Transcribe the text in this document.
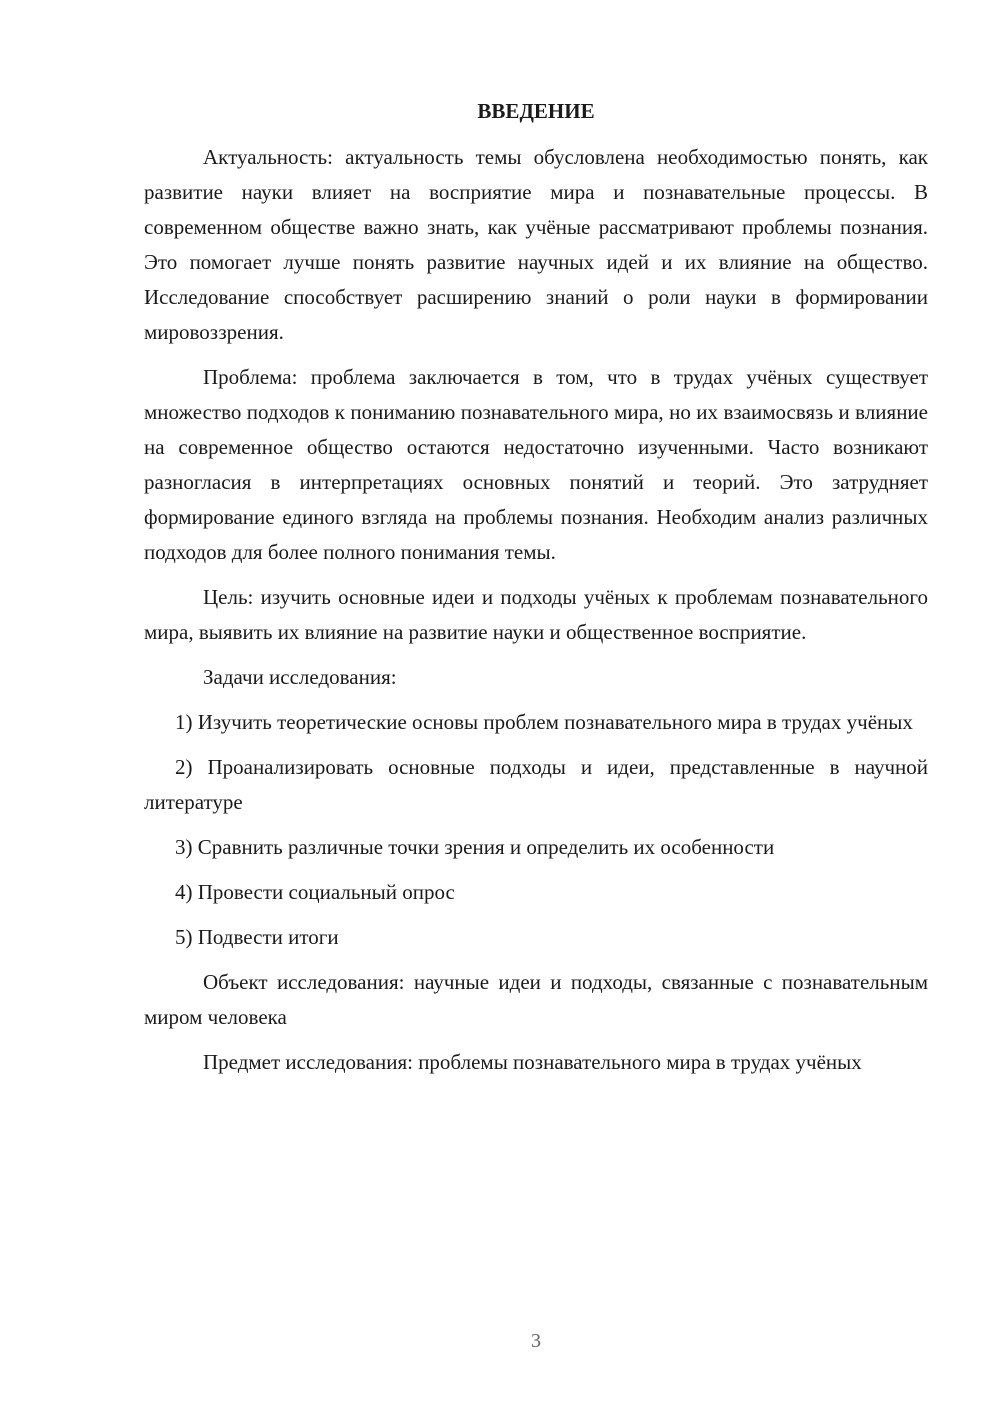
ВВЕДЕНИЕ

Актуальность: актуальность темы обусловлена необходимостью понять, как развитие науки влияет на восприятие мира и познавательные процессы. В современном обществе важно знать, как учёные рассматривают проблемы познания. Это помогает лучше понять развитие научных идей и их влияние на общество. Исследование способствует расширению знаний о роли науки в формировании мировоззрения.

Проблема: проблема заключается в том, что в трудах учёных существует множество подходов к пониманию познавательного мира, но их взаимосвязь и влияние на современное общество остаются недостаточно изученными. Часто возникают разногласия в интерпретациях основных понятий и теорий. Это затрудняет формирование единого взгляда на проблемы познания. Необходим анализ различных подходов для более полного понимания темы.

Цель: изучить основные идеи и подходы учёных к проблемам познавательного мира, выявить их влияние на развитие науки и общественное восприятие.

Задачи исследования:

1) Изучить теоретические основы проблем познавательного мира в трудах учёных
2) Проанализировать основные подходы и идеи, представленные в научной литературе
3) Сравнить различные точки зрения и определить их особенности
4) Провести социальный опрос
5) Подвести итоги

Объект исследования: научные идеи и подходы, связанные с познавательным миром человека

Предмет исследования: проблемы познавательного мира в трудах учёных

3
